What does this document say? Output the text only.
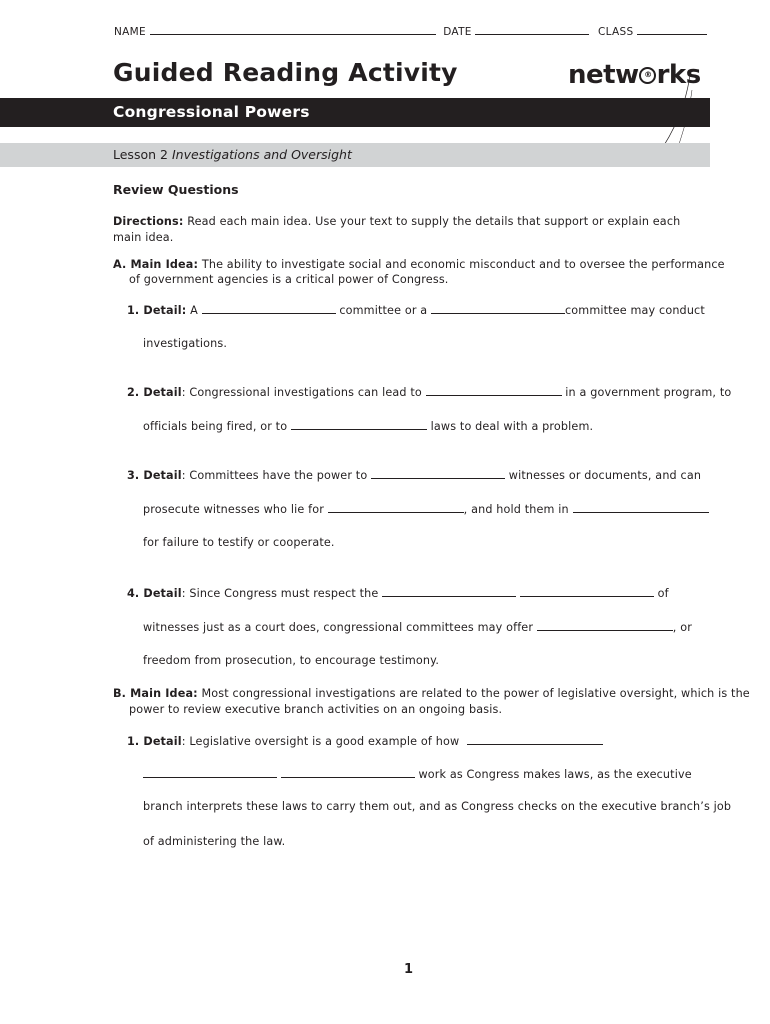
NAME	DATE	CLASS
Guided Reading Activity	netw ® rks
Congressional Powers
Lesson 2 Investigations and Oversight
Review Questions
Directions: Read each main idea. Use your text to supply the details that support or explain each
main idea.
A. Main Idea: The ability to investigate social and economic misconduct and to oversee the performance
of government agencies is a critical power of Congress.
1. Detail: A	committee or a	committee may conduct
investigations.
2. Detail: Congressional investigations can lead to	in a government program, to
officials being fired, or to	laws to deal with a problem.
3. Detail: Committees have the power to	witnesses or documents, and can
prosecute witnesses who lie for	, and hold them in
for failure to testify or cooperate.
4. Detail: Since Congress must respect the	of
witnesses just as a court does, congressional committees may offer	, or
freedom from prosecution, to encourage testimony.
B. Main Idea: Most congressional investigations are related to the power of legislative oversight, which is the
power to review executive branch activities on an ongoing basis.
1. Detail: Legislative oversight is a good example of how
work as Congress makes laws, as the executive
branch interprets these laws to carry them out, and as Congress checks on the executive branch’s job
of administering the law.
1
